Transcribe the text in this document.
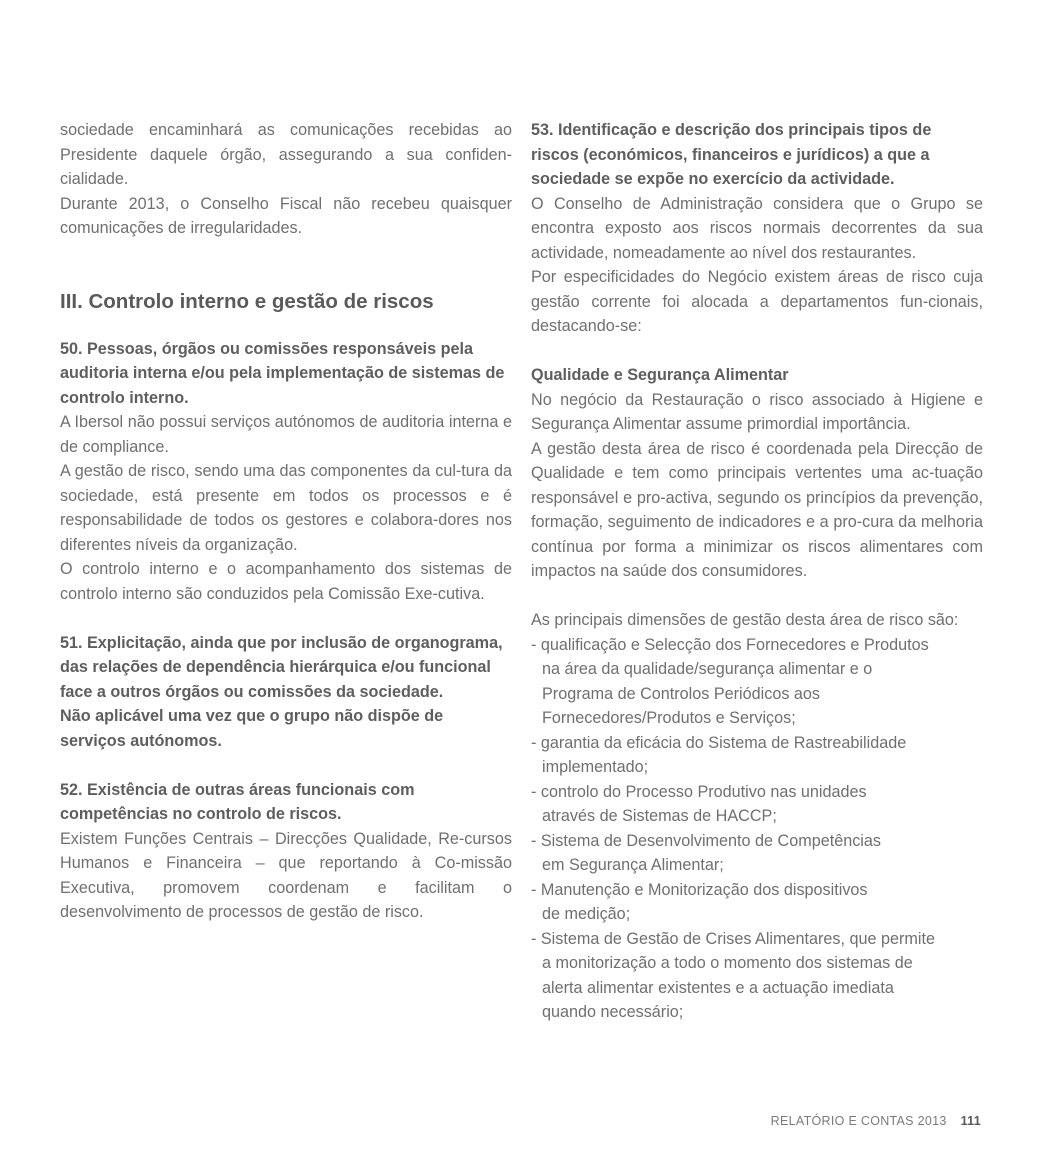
sociedade encaminhará as comunicações recebidas ao Presidente daquele órgão, assegurando a sua confiden-cialidade.

Durante 2013, o Conselho Fiscal não recebeu quaisquer comunicações de irregularidades.

III. Controlo interno e gestão de riscos

50. Pessoas, órgãos ou comissões responsáveis pela auditoria interna e/ou pela implementação de sistemas de controlo interno.

A Ibersol não possui serviços autónomos de auditoria interna e de compliance.

A gestão de risco, sendo uma das componentes da cul-tura da sociedade, está presente em todos os processos e é responsabilidade de todos os gestores e colabora-dores nos diferentes níveis da organização.

O controlo interno e o acompanhamento dos sistemas de controlo interno são conduzidos pela Comissão Exe-cutiva.

51. Explicitação, ainda que por inclusão de organograma, das relações de dependência hierárquica e/ou funcional face a outros órgãos ou comissões da sociedade.

Não aplicável uma vez que o grupo não dispõe de serviços autónomos.

52. Existência de outras áreas funcionais com competências no controlo de riscos.

Existem Funções Centrais – Direcções Qualidade, Re-cursos Humanos e Financeira – que reportando à Co-missão Executiva, promovem coordenam e facilitam o desenvolvimento de processos de gestão de risco.

53. Identificação e descrição dos principais tipos de riscos (económicos, financeiros e jurídicos) a que a sociedade se expõe no exercício da actividade.

O Conselho de Administração considera que o Grupo se encontra exposto aos riscos normais decorrentes da sua actividade, nomeadamente ao nível dos restaurantes.

Por especificidades do Negócio existem áreas de risco cuja gestão corrente foi alocada a departamentos fun-cionais, destacando-se:

Qualidade e Segurança Alimentar

No negócio da Restauração o risco associado à Higiene e Segurança Alimentar assume primordial importância.

A gestão desta área de risco é coordenada pela Direcção de Qualidade e tem como principais vertentes uma ac-tuação responsável e pro-activa, segundo os princípios da prevenção, formação, seguimento de indicadores e a pro-cura da melhoria contínua por forma a minimizar os riscos alimentares com impactos na saúde dos consumidores.

As principais dimensões de gestão desta área de risco são:

- qualificação e Selecção dos Fornecedores e Produtos
na área da qualidade/segurança alimentar e o
Programa de Controlos Periódicos aos
Fornecedores/Produtos e Serviços;
- garantia da eficácia do Sistema de Rastreabilidade
implementado;
- controlo do Processo Produtivo nas unidades
através de Sistemas de HACCP;
- Sistema de Desenvolvimento de Competências
em Segurança Alimentar;
- Manutenção e Monitorização dos dispositivos
de medição;
- Sistema de Gestão de Crises Alimentares, que permite
a monitorização a todo o momento dos sistemas de
alerta alimentar existentes e a actuação imediata
quando necessário;
RELATÓRIO E CONTAS 2013 111
